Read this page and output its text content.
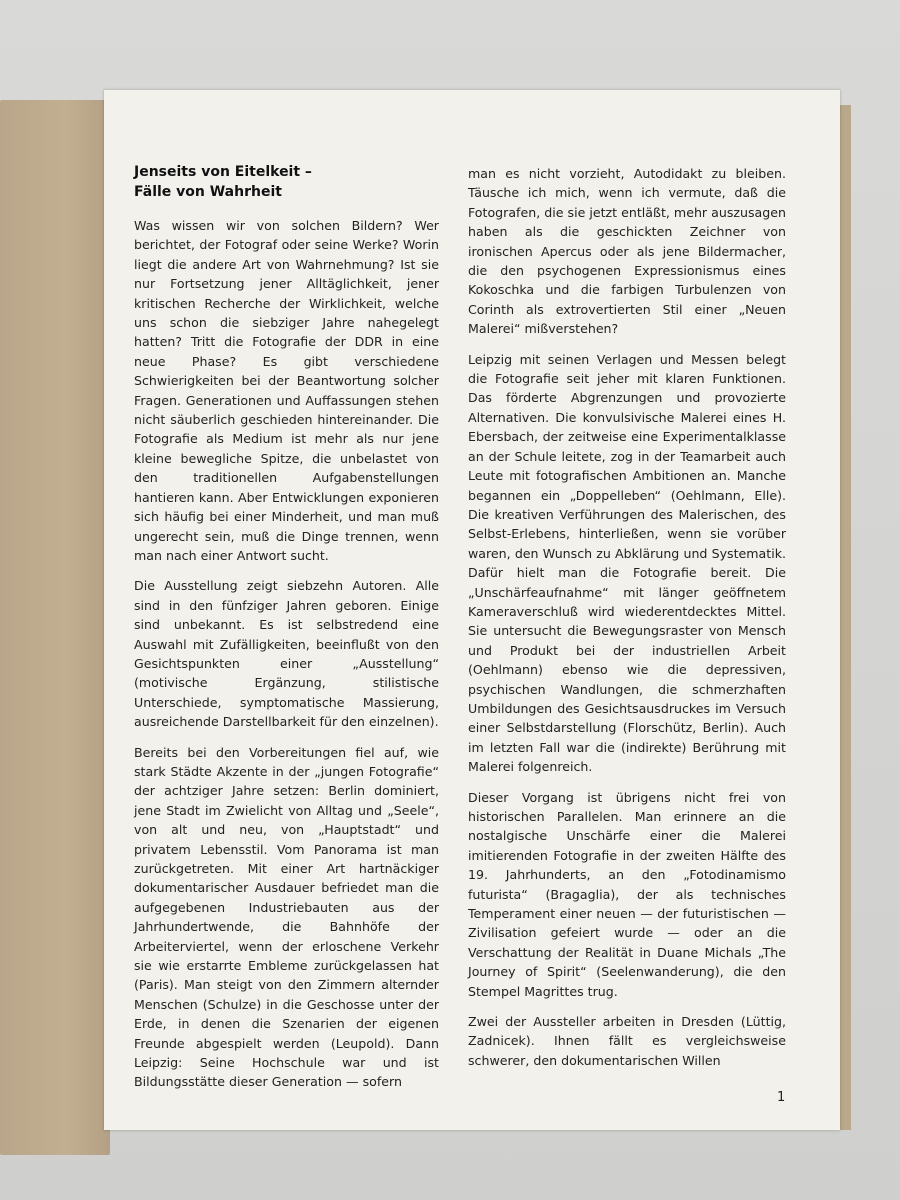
Jenseits von Eitelkeit –
Fälle von Wahrheit

Was wissen wir von solchen Bildern? Wer berichtet, der Fotograf oder seine Werke? Worin liegt die andere Art von Wahrnehmung? Ist sie nur Fortsetzung jener Alltäglichkeit, jener kritischen Recherche der Wirklichkeit, welche uns schon die siebziger Jahre nahegelegt hatten? Tritt die Fotografie der DDR in eine neue Phase? Es gibt verschiedene Schwierigkeiten bei der Beantwortung solcher Fragen. Generationen und Auffassungen stehen nicht säuberlich geschieden hintereinander. Die Fotografie als Medium ist mehr als nur jene kleine bewegliche Spitze, die unbelastet von den traditionellen Aufgabenstellungen hantieren kann. Aber Entwicklungen exponieren sich häufig bei einer Minderheit, und man muß ungerecht sein, muß die Dinge trennen, wenn man nach einer Antwort sucht.

Die Ausstellung zeigt siebzehn Autoren. Alle sind in den fünfziger Jahren geboren. Einige sind unbekannt. Es ist selbstredend eine Auswahl mit Zufälligkeiten, beeinflußt von den Gesichtspunkten einer „Ausstellung“ (motivische Ergänzung, stilistische Unterschiede, symptomatische Massierung, ausreichende Darstellbarkeit für den einzelnen).

Bereits bei den Vorbereitungen fiel auf, wie stark Städte Akzente in der „jungen Fotografie“ der achtziger Jahre setzen: Berlin dominiert, jene Stadt im Zwielicht von Alltag und „Seele“, von alt und neu, von „Hauptstadt“ und privatem Lebensstil. Vom Panorama ist man zurückgetreten. Mit einer Art hartnäckiger dokumentarischer Ausdauer befriedet man die aufgegebenen Industriebauten aus der Jahrhundertwende, die Bahnhöfe der Arbeiterviertel, wenn der erloschene Verkehr sie wie erstarrte Embleme zurückgelassen hat (Paris). Man steigt von den Zimmern alternder Menschen (Schulze) in die Geschosse unter der Erde, in denen die Szenarien der eigenen Freunde abgespielt werden (Leupold). Dann Leipzig: Seine Hochschule war und ist Bildungsstätte dieser Generation — sofern

man es nicht vorzieht, Autodidakt zu bleiben. Täusche ich mich, wenn ich vermute, daß die Fotografen, die sie jetzt entläßt, mehr auszusagen haben als die geschickten Zeichner von ironischen Apercus oder als jene Bildermacher, die den psychogenen Expressionismus eines Kokoschka und die farbigen Turbulenzen von Corinth als extrovertierten Stil einer „Neuen Malerei“ mißverstehen?

Leipzig mit seinen Verlagen und Messen belegt die Fotografie seit jeher mit klaren Funktionen. Das förderte Abgrenzungen und provozierte Alternativen. Die konvulsivische Malerei eines H. Ebersbach, der zeitweise eine Experimentalklasse an der Schule leitete, zog in der Teamarbeit auch Leute mit fotografischen Ambitionen an. Manche begannen ein „Doppelleben“ (Oehlmann, Elle). Die kreativen Verführungen des Malerischen, des Selbst-Erlebens, hinterließen, wenn sie vorüber waren, den Wunsch zu Abklärung und Systematik. Dafür hielt man die Fotografie bereit. Die „Unschärfeaufnahme“ mit länger geöffnetem Kameraverschluß wird wiederentdecktes Mittel. Sie untersucht die Bewegungsraster von Mensch und Produkt bei der industriellen Arbeit (Oehlmann) ebenso wie die depressiven, psychischen Wandlungen, die schmerzhaften Umbildungen des Gesichtsausdruckes im Versuch einer Selbstdarstellung (Florschütz, Berlin). Auch im letzten Fall war die (indirekte) Berührung mit Malerei folgenreich.

Dieser Vorgang ist übrigens nicht frei von historischen Parallelen. Man erinnere an die nostalgische Unschärfe einer die Malerei imitierenden Fotografie in der zweiten Hälfte des 19. Jahrhunderts, an den „Fotodinamismo futurista“ (Bragaglia), der als technisches Temperament einer neuen — der futuristischen — Zivilisation gefeiert wurde — oder an die Verschattung der Realität in Duane Michals „The Journey of Spirit“ (Seelenwanderung), die den Stempel Magrittes trug.

Zwei der Aussteller arbeiten in Dresden (Lüttig, Zadnicek). Ihnen fällt es vergleichsweise schwerer, den dokumentarischen Willen

1
